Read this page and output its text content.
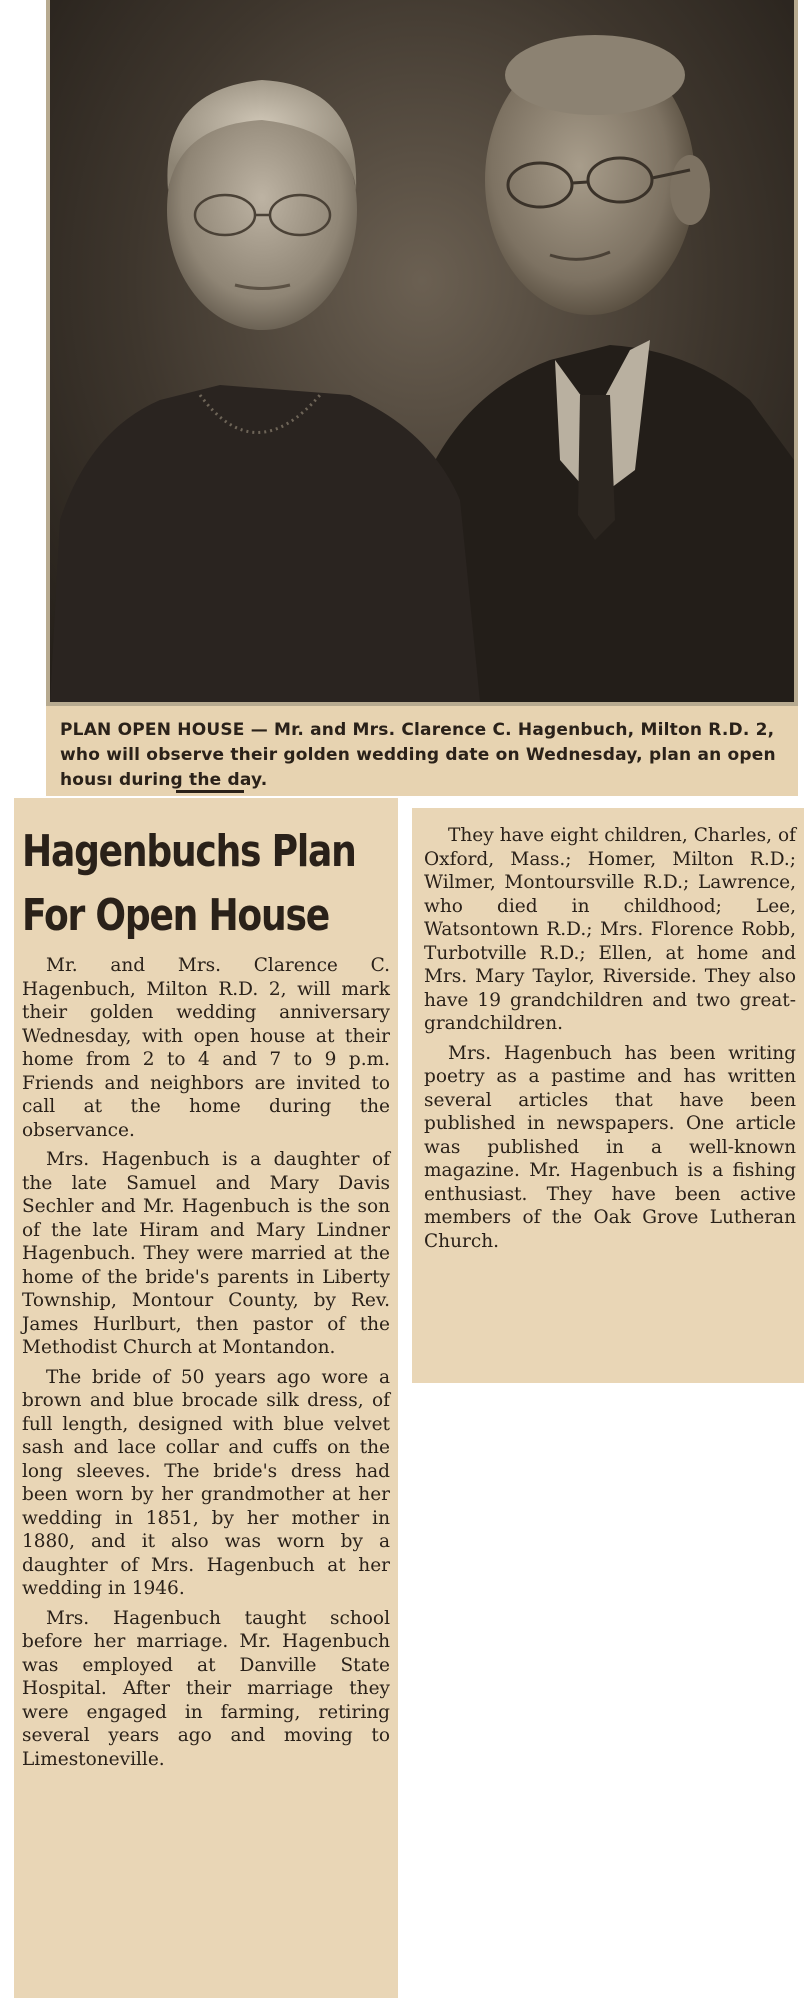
PLAN OPEN HOUSE — Mr. and Mrs. Clarence C. Hagenbuch, Milton R.D. 2, who will observe their golden wedding date on Wednesday, plan an open housı during the day.
Hagenbuchs Plan
For Open House

Mr. and Mrs. Clarence C. Hagenbuch, Milton R.D. 2, will mark their golden wedding anniversary Wednesday, with open house at their home from 2 to 4 and 7 to 9 p.m. Friends and neighbors are invited to call at the home during the observance.

Mrs. Hagenbuch is a daughter of the late Samuel and Mary Davis Sechler and Mr. Hagenbuch is the son of the late Hiram and Mary Lindner Hagenbuch. They were married at the home of the bride's parents in Liberty Township, Montour County, by Rev. James Hurlburt, then pastor of the Methodist Church at Montandon.

The bride of 50 years ago wore a brown and blue brocade silk dress, of full length, designed with blue velvet sash and lace collar and cuffs on the long sleeves. The bride's dress had been worn by her grandmother at her wedding in 1851, by her mother in 1880, and it also was worn by a daughter of Mrs. Hagenbuch at her wedding in 1946.

Mrs. Hagenbuch taught school before her marriage. Mr. Hagenbuch was employed at Danville State Hospital. After their marriage they were engaged in farming, retiring several years ago and moving to Limestoneville.

They have eight children, Charles, of Oxford, Mass.; Homer, Milton R.D.; Wilmer, Montoursville R.D.; Lawrence, who died in childhood; Lee, Watsontown R.D.; Mrs. Florence Robb, Turbotville R.D.; Ellen, at home and Mrs. Mary Taylor, Riverside. They also have 19 grandchildren and two great-grandchildren.

Mrs. Hagenbuch has been writing poetry as a pastime and has written several articles that have been published in newspapers. One article was published in a well-known magazine. Mr. Hagenbuch is a fishing enthusiast. They have been active members of the Oak Grove Lutheran Church.
